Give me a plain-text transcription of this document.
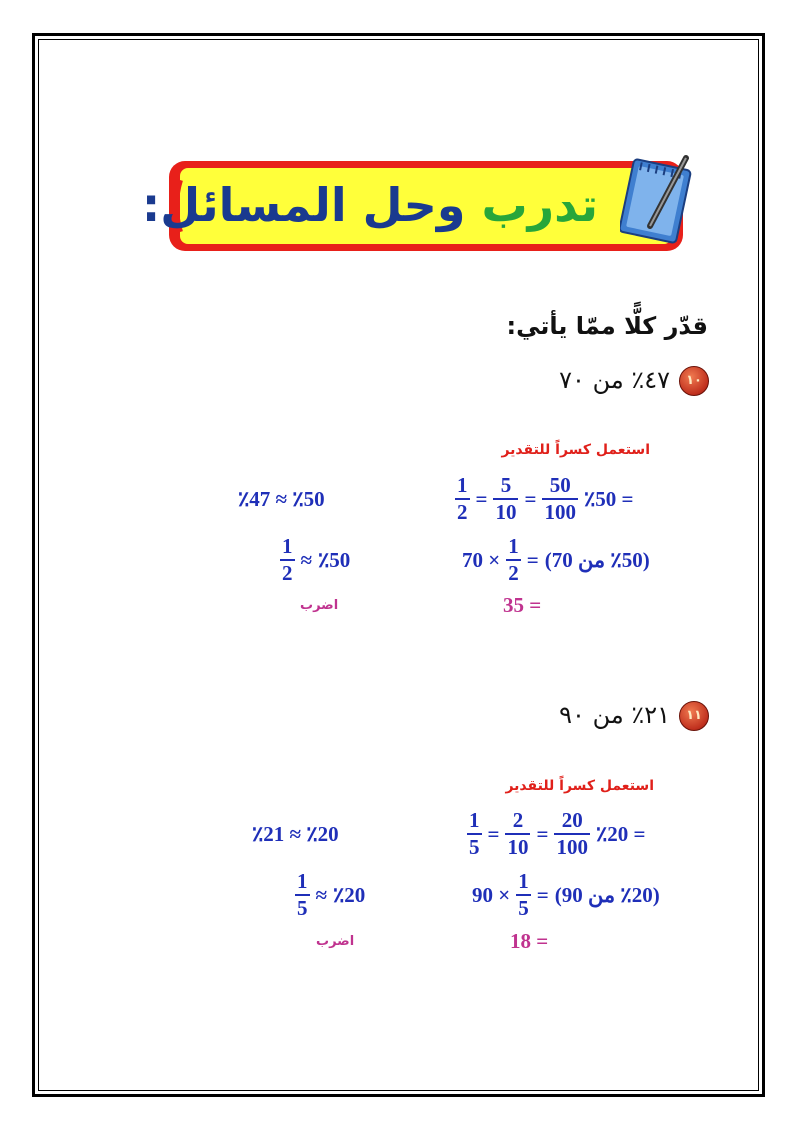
تدرب وحل المسائل:
قدّر كلًّا ممّا يأتي:
١٠
٤٧٪ من ٧٠
استعمل كسراً للتقدير
٪50 ≈ ٪47	$\frac{1}{2} = \frac{5}{10} = \frac{50}{100}$ = ٪50
$\frac{1}{2}$ ≈ ٪50	$70 \times \frac{1}{2}$ = (٪50 من 70)
اضرب	= 35
١١
٢١٪ من ٩٠
استعمل كسراً للتقدير
٪20 ≈ ٪21	$\frac{1}{5} = \frac{2}{10} = \frac{20}{100}$ = ٪20
$\frac{1}{5}$ ≈ ٪20	$90 \times \frac{1}{5}$ = (٪20 من 90)
اضرب	= 18
